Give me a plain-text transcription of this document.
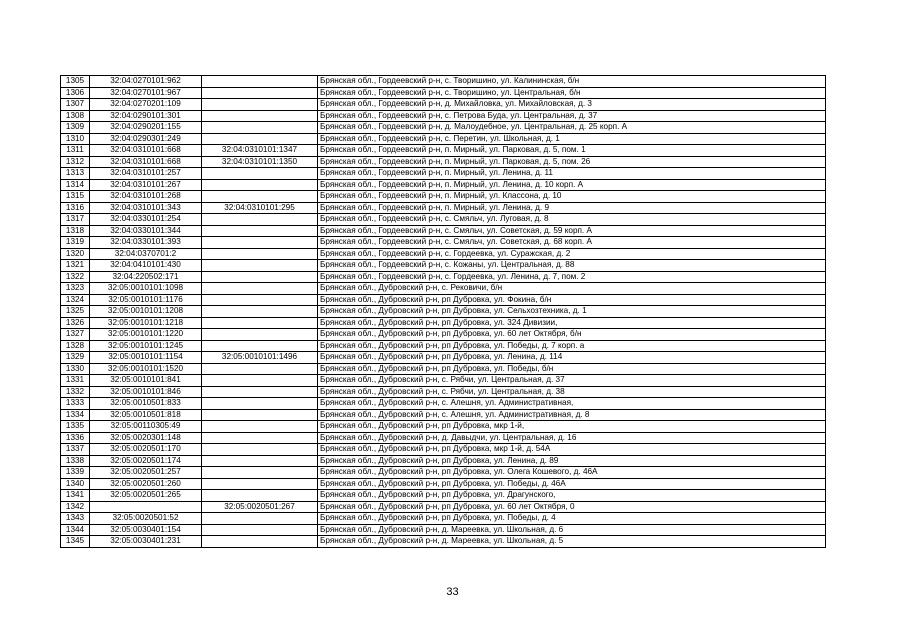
1305	32:04:0270101:962		Брянская обл., Гордеевский р-н, с. Творишино, ул. Калининская, б/н
1306	32:04:0270101:967		Брянская обл., Гордеевский р-н, с. Творишино, ул. Центральная, б/н
1307	32:04:0270201:109		Брянская обл., Гордеевский р-н, д. Михайловка, ул. Михайловская, д. 3
1308	32:04:0290101:301		Брянская обл., Гордеевский р-н, с. Петрова Буда, ул. Центральная, д. 37
1309	32:04:0290201:155		Брянская обл., Гордеевский р-н, д. Малоудебное, ул. Центральная, д. 25 корп. А
1310	32:04:0290301:249		Брянская обл., Гордеевский р-н, с. Перетин, ул. Школьная, д. 1
1311	32:04:0310101:668	32:04:0310101:1347	Брянская обл., Гордеевский р-н, п. Мирный, ул. Парковая, д. 5, пом. 1
1312	32:04:0310101:668	32:04:0310101:1350	Брянская обл., Гордеевский р-н, п. Мирный, ул. Парковая, д. 5, пом. 26
1313	32:04:0310101:257		Брянская обл., Гордеевский р-н, п. Мирный, ул. Ленина, д. 11
1314	32:04:0310101:267		Брянская обл., Гордеевский р-н, п. Мирный, ул. Ленина, д. 10 корп. А
1315	32:04:0310101:268		Брянская обл., Гордеевский р-н, п. Мирный, ул. Классона, д. 10
1316	32:04:0310101:343	32:04:0310101:295	Брянская обл., Гордеевский р-н, п. Мирный, ул. Ленина, д. 9
1317	32:04:0330101:254		Брянская обл., Гордеевский р-н, с. Смяльч, ул. Луговая, д. 8
1318	32:04:0330101:344		Брянская обл., Гордеевский р-н, с. Смяльч, ул. Советская, д. 59 корп. А
1319	32:04:0330101:393		Брянская обл., Гордеевский р-н, с. Смяльч, ул. Советская, д. 68 корп. А
1320	32:04:0370701:2		Брянская обл., Гордеевский р-н, с. Гордеевка, ул. Суражская, д. 2
1321	32:04:0410101:430		Брянская обл., Гордеевский р-н, с. Кожаны, ул. Центральная, д. 88
1322	32:04:220502:171		Брянская обл., Гордеевский р-н, с. Гордеевка, ул. Ленина, д. 7, пом. 2
1323	32:05:0010101:1098		Брянская обл., Дубровский р-н, с. Рековичи, б/н
1324	32:05:0010101:1176		Брянская обл., Дубровский р-н, рп Дубровка, ул. Фокина, б/н
1325	32:05:0010101:1208		Брянская обл., Дубровский р-н, рп Дубровка, ул. Сельхозтехника, д. 1
1326	32:05:0010101:1218		Брянская обл., Дубровский р-н, рп Дубровка, ул. 324 Дивизии,
1327	32:05:0010101:1220		Брянская обл., Дубровский р-н, рп Дубровка, ул. 60 лет Октября, б/н
1328	32:05:0010101:1245		Брянская обл., Дубровский р-н, рп Дубровка, ул. Победы, д. 7 корп. а
1329	32:05:0010101:1154	32:05:0010101:1496	Брянская обл., Дубровский р-н, рп Дубровка, ул. Ленина, д. 114
1330	32:05:0010101:1520		Брянская обл., Дубровский р-н, рп Дубровка, ул. Победы, б/н
1331	32:05:0010101:841		Брянская обл., Дубровский р-н, с. Рябчи, ул. Центральная, д. 37
1332	32:05:0010101:846		Брянская обл., Дубровский р-н, с. Рябчи, ул. Центральная, д. 38
1333	32:05:0010501:833		Брянская обл., Дубровский р-н, с. Алешня, ул. Административная,
1334	32:05:0010501:818		Брянская обл., Дубровский р-н, с. Алешня, ул. Административная, д. 8
1335	32:05:00110305:49		Брянская обл., Дубровский р-н, рп Дубровка, мкр 1-й,
1336	32:05:0020301:148		Брянская обл., Дубровский р-н, д. Давыдчи, ул. Центральная, д. 16
1337	32:05:0020501:170		Брянская обл., Дубровский р-н, рп Дубровка, мкр 1-й, д. 54А
1338	32:05:0020501:174		Брянская обл., Дубровский р-н, рп Дубровка, ул. Ленина, д. 89
1339	32:05:0020501:257		Брянская обл., Дубровский р-н, рп Дубровка, ул. Олега Кошевого, д. 46А
1340	32:05:0020501:260		Брянская обл., Дубровский р-н, рп Дубровка, ул. Победы, д. 46А
1341	32:05:0020501:265		Брянская обл., Дубровский р-н, рп Дубровка, ул. Драгунского,
1342		32:05:0020501:267	Брянская обл., Дубровский р-н, рп Дубровка, ул. 60 лет Октября, 0
1343	32:05:0020501:52		Брянская обл., Дубровский р-н, рп Дубровка, ул. Победы, д. 4
1344	32:05:0030401:154		Брянская обл., Дубровский р-н, д. Мареевка, ул. Школьная, д. 6
1345	32:05:0030401:231		Брянская обл., Дубровский р-н, д. Мареевка, ул. Школьная, д. 5
33
